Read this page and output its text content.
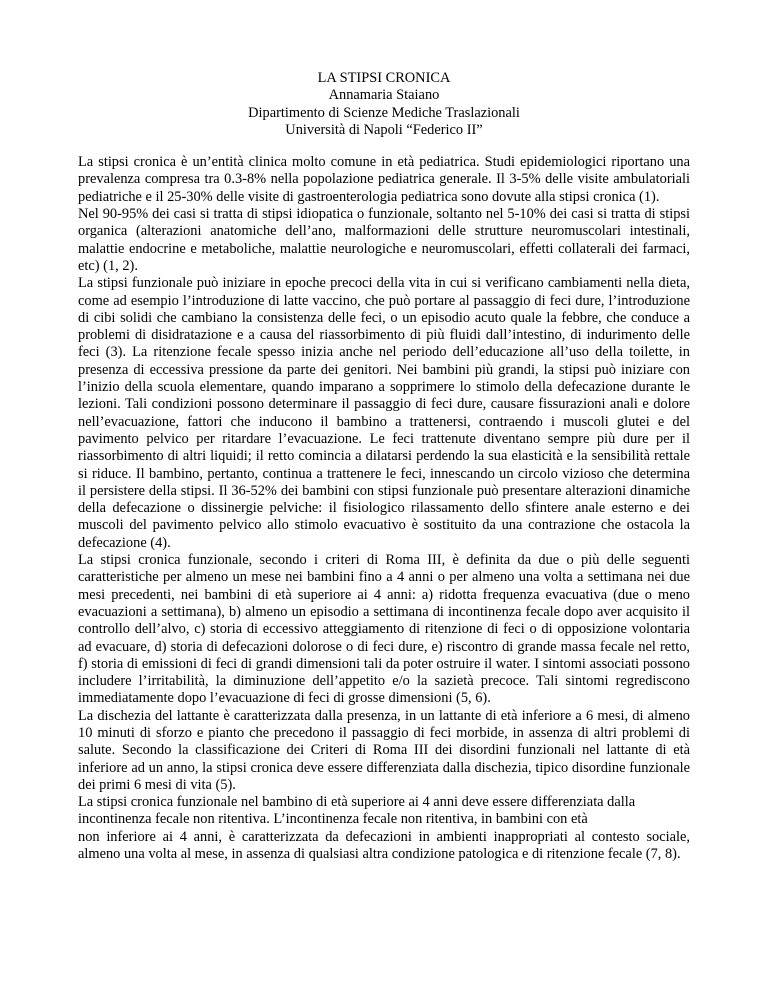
LA STIPSI CRONICA
Annamaria Staiano
Dipartimento di Scienze Mediche Traslazionali
Università di Napoli “Federico II”

La stipsi cronica è un’entità clinica molto comune in età pediatrica. Studi epidemiologici riportano una prevalenza compresa tra 0.3-8% nella popolazione pediatrica generale. Il 3-5% delle visite ambulatoriali pediatriche e il 25-30% delle visite di gastroenterologia pediatrica sono dovute alla stipsi cronica (1).

Nel 90-95% dei casi si tratta di stipsi idiopatica o funzionale, soltanto nel 5-10% dei casi si tratta di stipsi organica (alterazioni anatomiche dell’ano, malformazioni delle strutture neuromuscolari intestinali, malattie endocrine e metaboliche, malattie neurologiche e neuromuscolari, effetti collaterali dei farmaci, etc) (1, 2).

La stipsi funzionale può iniziare in epoche precoci della vita in cui si verificano cambiamenti nella dieta, come ad esempio l’introduzione di latte vaccino, che può portare al passaggio di feci dure, l’introduzione di cibi solidi che cambiano la consistenza delle feci, o un episodio acuto quale la febbre, che conduce a problemi di disidratazione e a causa del riassorbimento di più fluidi dall’intestino, di indurimento delle feci (3). La ritenzione fecale spesso inizia anche nel periodo dell’educazione all’uso della toilette, in presenza di eccessiva pressione da parte dei genitori. Nei bambini più grandi, la stipsi può iniziare con l’inizio della scuola elementare, quando imparano a sopprimere lo stimolo della defecazione durante le lezioni. Tali condizioni possono determinare il passaggio di feci dure, causare fissurazioni anali e dolore nell’evacuazione, fattori che inducono il bambino a trattenersi, contraendo i muscoli glutei e del pavimento pelvico per ritardare l’evacuazione. Le feci trattenute diventano sempre più dure per il riassorbimento di altri liquidi; il retto comincia a dilatarsi perdendo la sua elasticità e la sensibilità rettale si riduce. Il bambino, pertanto, continua a trattenere le feci, innescando un circolo vizioso che determina il persistere della stipsi. Il 36-52% dei bambini con stipsi funzionale può presentare alterazioni dinamiche della defecazione o dissinergie pelviche: il fisiologico rilassamento dello sfintere anale esterno e dei muscoli del pavimento pelvico allo stimolo evacuativo è sostituito da una contrazione che ostacola la defecazione (4).

La stipsi cronica funzionale, secondo i criteri di Roma III, è definita da due o più delle seguenti caratteristiche per almeno un mese nei bambini fino a 4 anni o per almeno una volta a settimana nei due mesi precedenti, nei bambini di età superiore ai 4 anni: a) ridotta frequenza evacuativa (due o meno evacuazioni a settimana), b) almeno un episodio a settimana di incontinenza fecale dopo aver acquisito il controllo dell’alvo, c) storia di eccessivo atteggiamento di ritenzione di feci o di opposizione volontaria ad evacuare, d) storia di defecazioni dolorose o di feci dure, e) riscontro di grande massa fecale nel retto, f) storia di emissioni di feci di grandi dimensioni tali da poter ostruire il water. I sintomi associati possono includere l’irritabilità, la diminuzione dell’appetito e/o la sazietà precoce. Tali sintomi regrediscono immediatamente dopo l’evacuazione di feci di grosse dimensioni (5, 6).

La dischezia del lattante è caratterizzata dalla presenza, in un lattante di età inferiore a 6 mesi, di almeno 10 minuti di sforzo e pianto che precedono il passaggio di feci morbide, in assenza di altri problemi di salute. Secondo la classificazione dei Criteri di Roma III dei disordini funzionali nel lattante di età inferiore ad un anno, la stipsi cronica deve essere differenziata dalla dischezia, tipico disordine funzionale dei primi 6 mesi di vita (5).

La stipsi cronica funzionale nel bambino di età superiore ai 4 anni deve essere differenziata dalla incontinenza fecale non ritentiva. L’incontinenza fecale non ritentiva, in bambini con età

non inferiore ai 4 anni, è caratterizzata da defecazioni in ambienti inappropriati al contesto sociale, almeno una volta al mese, in assenza di qualsiasi altra condizione patologica e di ritenzione fecale (7, 8).
